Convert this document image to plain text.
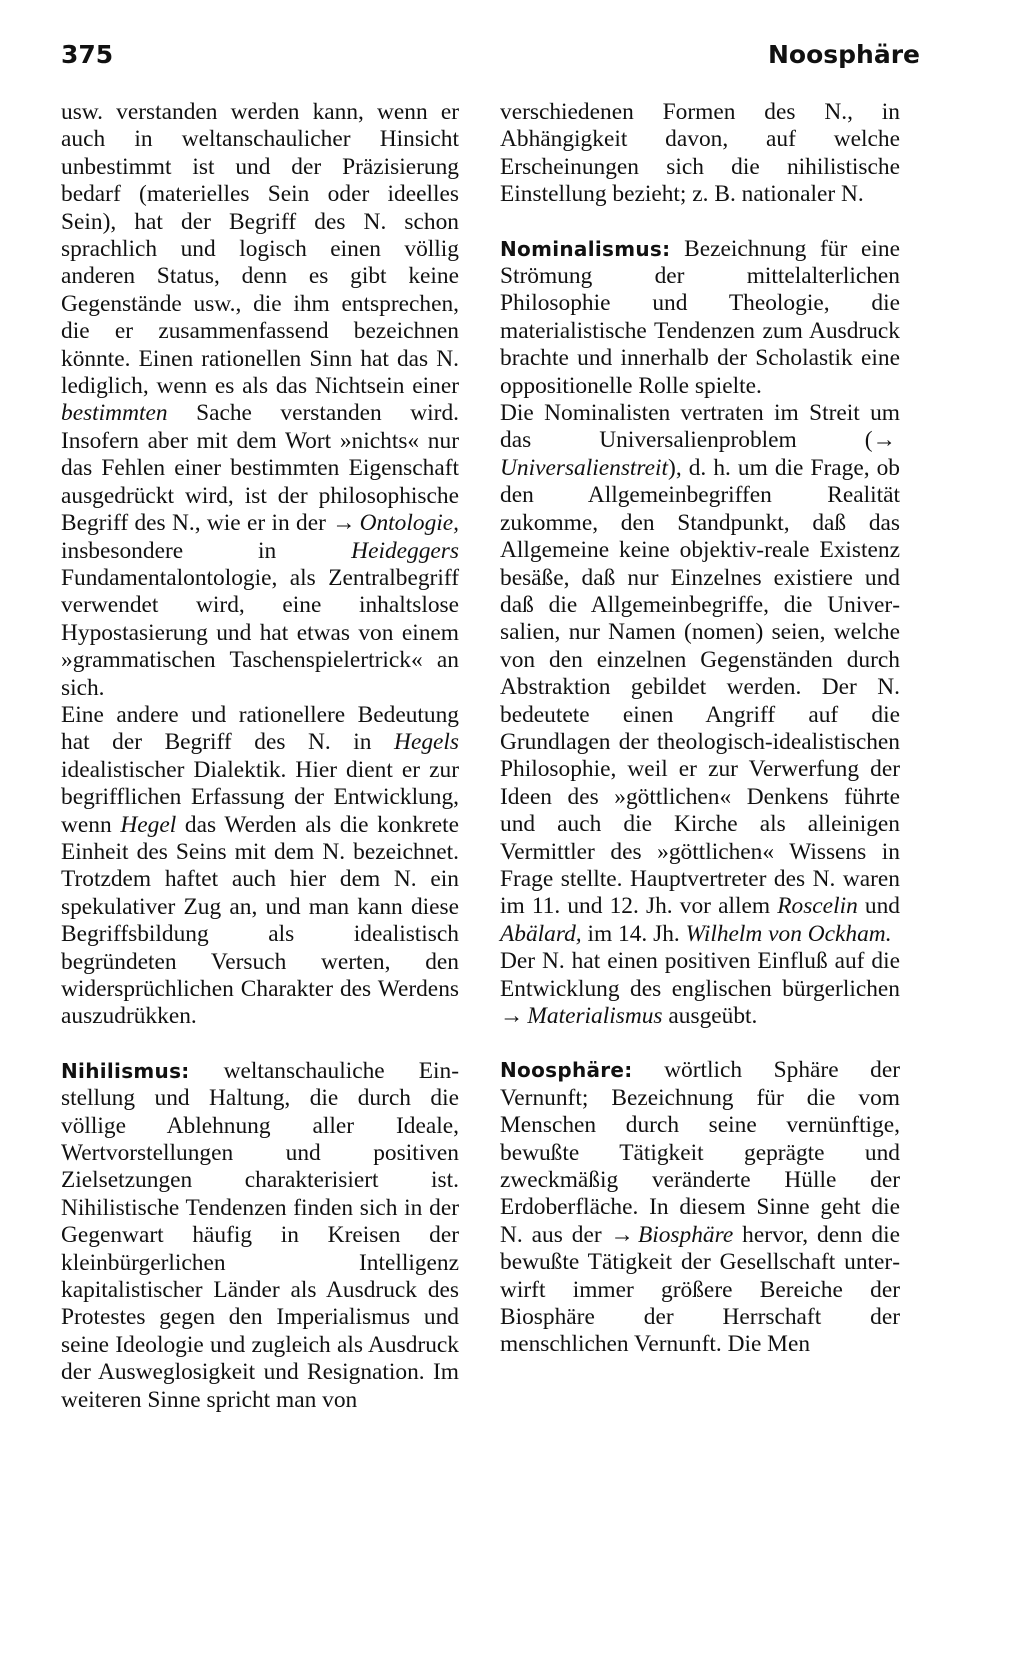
375	Noosphäre

usw. verstanden werden kann, wenn er auch in weltanschaulicher Hinsicht unbestimmt ist und der Präzisierung bedarf (materielles Sein oder ideelles Sein), hat der Begriff des N. schon sprachlich und logisch einen völlig anderen Status, denn es gibt keine Gegenstände usw., die ihm entsprechen, die er zusammenfassend bezeichnen könnte. Einen rationellen Sinn hat das N. lediglich, wenn es als das Nichtsein einer bestimmten Sache verstanden wird. Insofern aber mit dem Wort »nichts« nur das Fehlen einer bestimmten Eigenschaft ausgedrückt wird, ist der philosophische Begriff des N., wie er in der → Ontologie, insbesondere in Heideggers Fundamentalontologie, als Zentralbegriff verwendet wird, eine inhaltslose Hypostasierung und hat etwas von einem »grammatischen Taschenspielertrick« an sich.

Eine andere und rationellere Bedeutung hat der Begriff des N. in Hegels idealistischer Dialektik. Hier dient er zur begrifflichen Erfassung der Entwicklung, wenn Hegel das Werden als die konkrete Einheit des Seins mit dem N. bezeichnet. Trotzdem haftet auch hier dem N. ein spekulativer Zug an, und man kann diese Begriffsbildung als idealistisch begründeten Versuch werten, den widersprüchlichen Charakter des Werdens auszudrükken.

Nihilismus: weltanschauliche Einstellung und Haltung, die durch die völlige Ablehnung aller Ideale, Wertvorstellungen und positiven Zielsetzungen charakterisiert ist. Nihilistische Tendenzen finden sich in der Gegenwart häufig in Kreisen der kleinbürgerlichen Intelligenz kapitalistischer Länder als Ausdruck des Protestes gegen den Imperialismus und seine Ideologie und zugleich als Ausdruck der Ausweglosigkeit und Resignation. Im weiteren Sinne spricht man von

verschiedenen Formen des N., in Abhängigkeit davon, auf welche Erscheinungen sich die nihilistische Einstellung bezieht; z. B. nationaler N.

Nominalismus: Bezeichnung für eine Strömung der mittelalterlichen Philosophie und Theologie, die materialistische Tendenzen zum Ausdruck brachte und innerhalb der Scholastik eine oppositionelle Rolle spielte.

Die Nominalisten vertraten im Streit um das Universalienproblem (→Universalienstreit), d. h. um die Frage, ob den Allgemeinbegriffen Realität zukomme, den Standpunkt, daß das Allgemeine keine objektiv-reale Existenz besäße, daß nur Einzelnes existiere und daß die Allgemeinbegriffe, die Universalien, nur Namen (nomen) seien, welche von den einzelnen Gegenständen durch Abstraktion gebildet werden. Der N. bedeutete einen Angriff auf die Grundlagen der theologisch-idealistischen Philosophie, weil er zur Verwerfung der Ideen des »göttlichen« Denkens führte und auch die Kirche als alleinigen Vermittler des »göttlichen« Wissens in Frage stellte. Hauptvertreter des N. waren im 11. und 12. Jh. vor allem Roscelin und Abälard, im 14. Jh. Wilhelm von Ockham.

Der N. hat einen positiven Einfluß auf die Entwicklung des englischen bürgerlichen → Materialismus ausgeübt.

Noosphäre: wörtlich Sphäre der Vernunft; Bezeichnung für die vom Menschen durch seine vernünftige, bewußte Tätigkeit geprägte und zweckmäßig veränderte Hülle der Erdoberfläche. In diesem Sinne geht die N. aus der → Biosphäre hervor, denn die bewußte Tätigkeit der Gesellschaft unterwirft immer größere Bereiche der Biosphäre der Herrschaft der menschlichen Vernunft. Die Men
